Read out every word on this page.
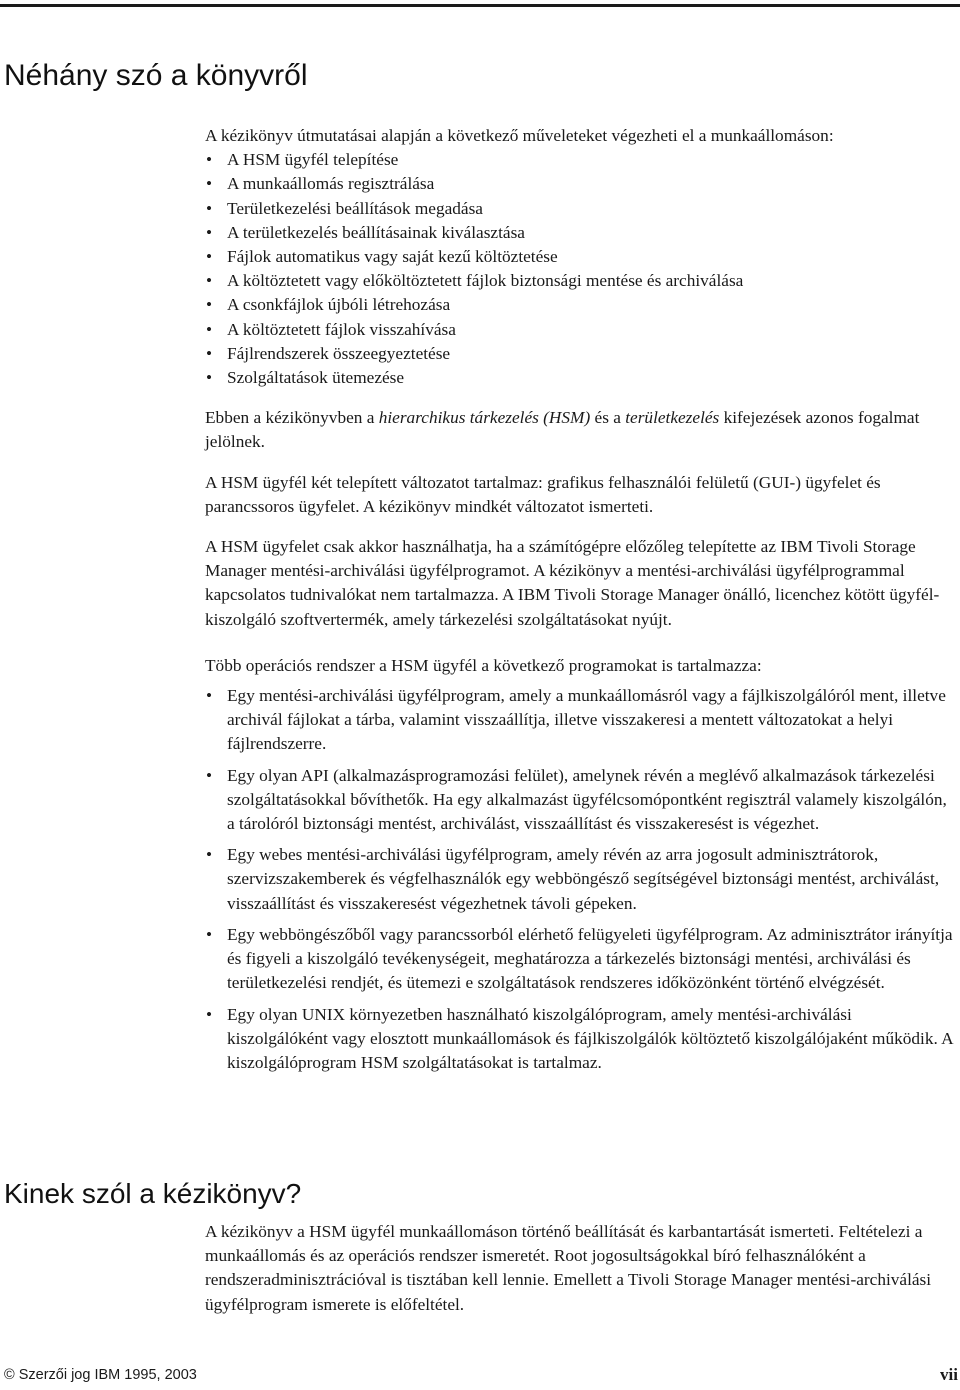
Néhány szó a könyvről

A kézikönyv útmutatásai alapján a következő műveleteket végezheti el a munkaállomáson:

• A HSM ügyfél telepítése
• A munkaállomás regisztrálása
• Területkezelési beállítások megadása
• A területkezelés beállításainak kiválasztása
• Fájlok automatikus vagy saját kezű költöztetése
• A költöztetett vagy előköltöztetett fájlok biztonsági mentése és archiválása
• A csonkfájlok újbóli létrehozása
• A költöztetett fájlok visszahívása
• Fájlrendszerek összeegyeztetése
• Szolgáltatások ütemezése

Ebben a kézikönyvben a hierarchikus tárkezelés (HSM) és a területkezelés kifejezések azonos fogalmat jelölnek.

A HSM ügyfél két telepített változatot tartalmaz: grafikus felhasználói felületű (GUI-) ügyfelet és parancssoros ügyfelet. A kézikönyv mindkét változatot ismerteti.

A HSM ügyfelet csak akkor használhatja, ha a számítógépre előzőleg telepítette az IBM Tivoli Storage Manager mentési-archiválási ügyfélprogramot. A kézikönyv a mentési-archiválási ügyfélprogrammal kapcsolatos tudnivalókat nem tartalmazza. A IBM Tivoli Storage Manager önálló, licenchez kötött ügyfél-kiszolgáló szoftvertermék, amely tárkezelési szolgáltatásokat nyújt.

Több operációs rendszer a HSM ügyfél a következő programokat is tartalmazza:

• Egy mentési-archiválási ügyfélprogram, amely a munkaállomásról vagy a fájlkiszolgálóról ment, illetve archivál fájlokat a tárba, valamint visszaállítja, illetve visszakeresi a mentett változatokat a helyi fájlrendszerre.
• Egy olyan API (alkalmazásprogramozási felület), amelynek révén a meglévő alkalmazások tárkezelési szolgáltatásokkal bővíthetők. Ha egy alkalmazást ügyfélcsomópontként regisztrál valamely kiszolgálón, a tárolóról biztonsági mentést, archiválást, visszaállítást és visszakeresést is végezhet.
• Egy webes mentési-archiválási ügyfélprogram, amely révén az arra jogosult adminisztrátorok, szervizszakemberek és végfelhasználók egy webböngésző segítségével biztonsági mentést, archiválást, visszaállítást és visszakeresést végezhetnek távoli gépeken.
• Egy webböngészőből vagy parancssorból elérhető felügyeleti ügyfélprogram. Az adminisztrátor irányítja és figyeli a kiszolgáló tevékenységeit, meghatározza a tárkezelés biztonsági mentési, archiválási és területkezelési rendjét, és ütemezi e szolgáltatások rendszeres időközönként történő elvégzését.
• Egy olyan UNIX környezetben használható kiszolgálóprogram, amely mentési-archiválási kiszolgálóként vagy elosztott munkaállomások és fájlkiszolgálók költöztető kiszolgálójaként működik. A kiszolgálóprogram HSM szolgáltatásokat is tartalmaz.
Kinek szól a kézikönyv?

A kézikönyv a HSM ügyfél munkaállomáson történő beállítását és karbantartását ismerteti. Feltételezi a munkaállomás és az operációs rendszer ismeretét. Root jogosultságokkal bíró felhasználóként a rendszeradminisztrációval is tisztában kell lennie. Emellett a Tivoli Storage Manager mentési-archiválási ügyfélprogram ismerete is előfeltétel.

© Szerzői jog IBM 1995, 2003	vii
